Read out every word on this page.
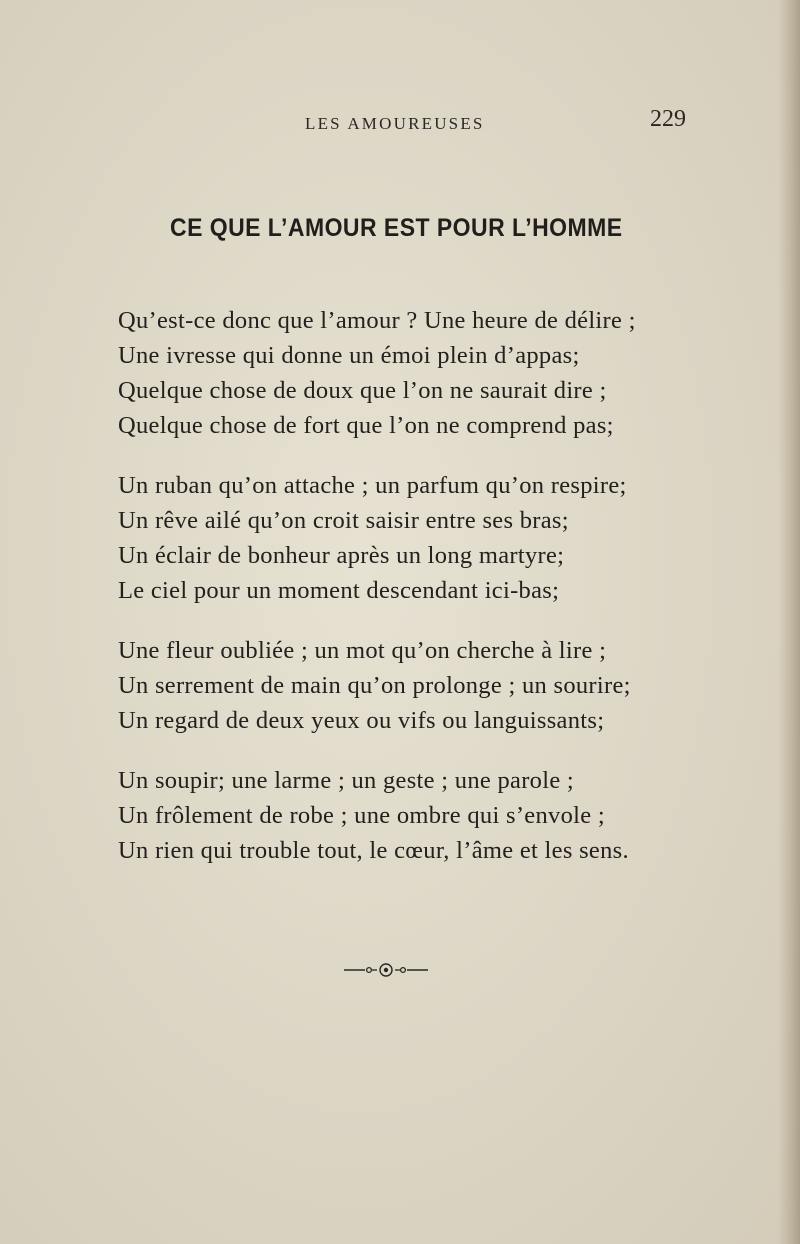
LES AMOUREUSES	229
CE QUE L’AMOUR EST POUR L’HOMME
Qu’est-ce donc que l’amour ? Une heure de délire ;
Une ivresse qui donne un émoi plein d’appas;
Quelque chose de doux que l’on ne saurait dire ;
Quelque chose de fort que l’on ne comprend pas;
Un ruban qu’on attache ; un parfum qu’on respire;
Un rêve ailé qu’on croit saisir entre ses bras;
Un éclair de bonheur après un long martyre;
Le ciel pour un moment descendant ici-bas;
Une fleur oubliée ; un mot qu’on cherche à lire ;
Un serrement de main qu’on prolonge ; un sourire;
Un regard de deux yeux ou vifs ou languissants;
Un soupir; une larme ; un geste ; une parole ;
Un frôlement de robe ; une ombre qui s’envole ;
Un rien qui trouble tout, le cœur, l’âme et les sens.
